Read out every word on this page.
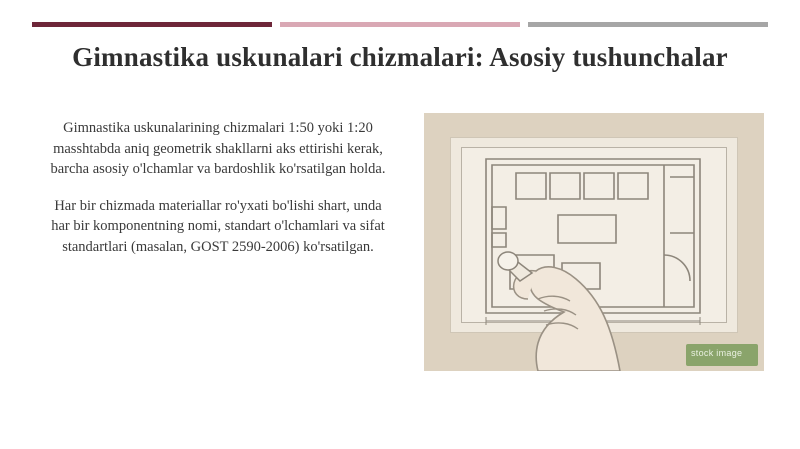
Gimnastika uskunalari chizmalari: Asosiy tushunchalar

Gimnastika uskunalarining chizmalari 1:50 yoki 1:20 masshtabda aniq geometrik shakllarni aks ettirishi kerak, barcha asosiy o'lchamlar va bardoshlik ko'rsatilgan holda.

Har bir chizmada materiallar ro'yxati bo'lishi shart, unda har bir komponentning nomi, standart o'lchamlari va sifat standartlari (masalan, GOST 2590-2006) ko'rsatilgan.

stock image
